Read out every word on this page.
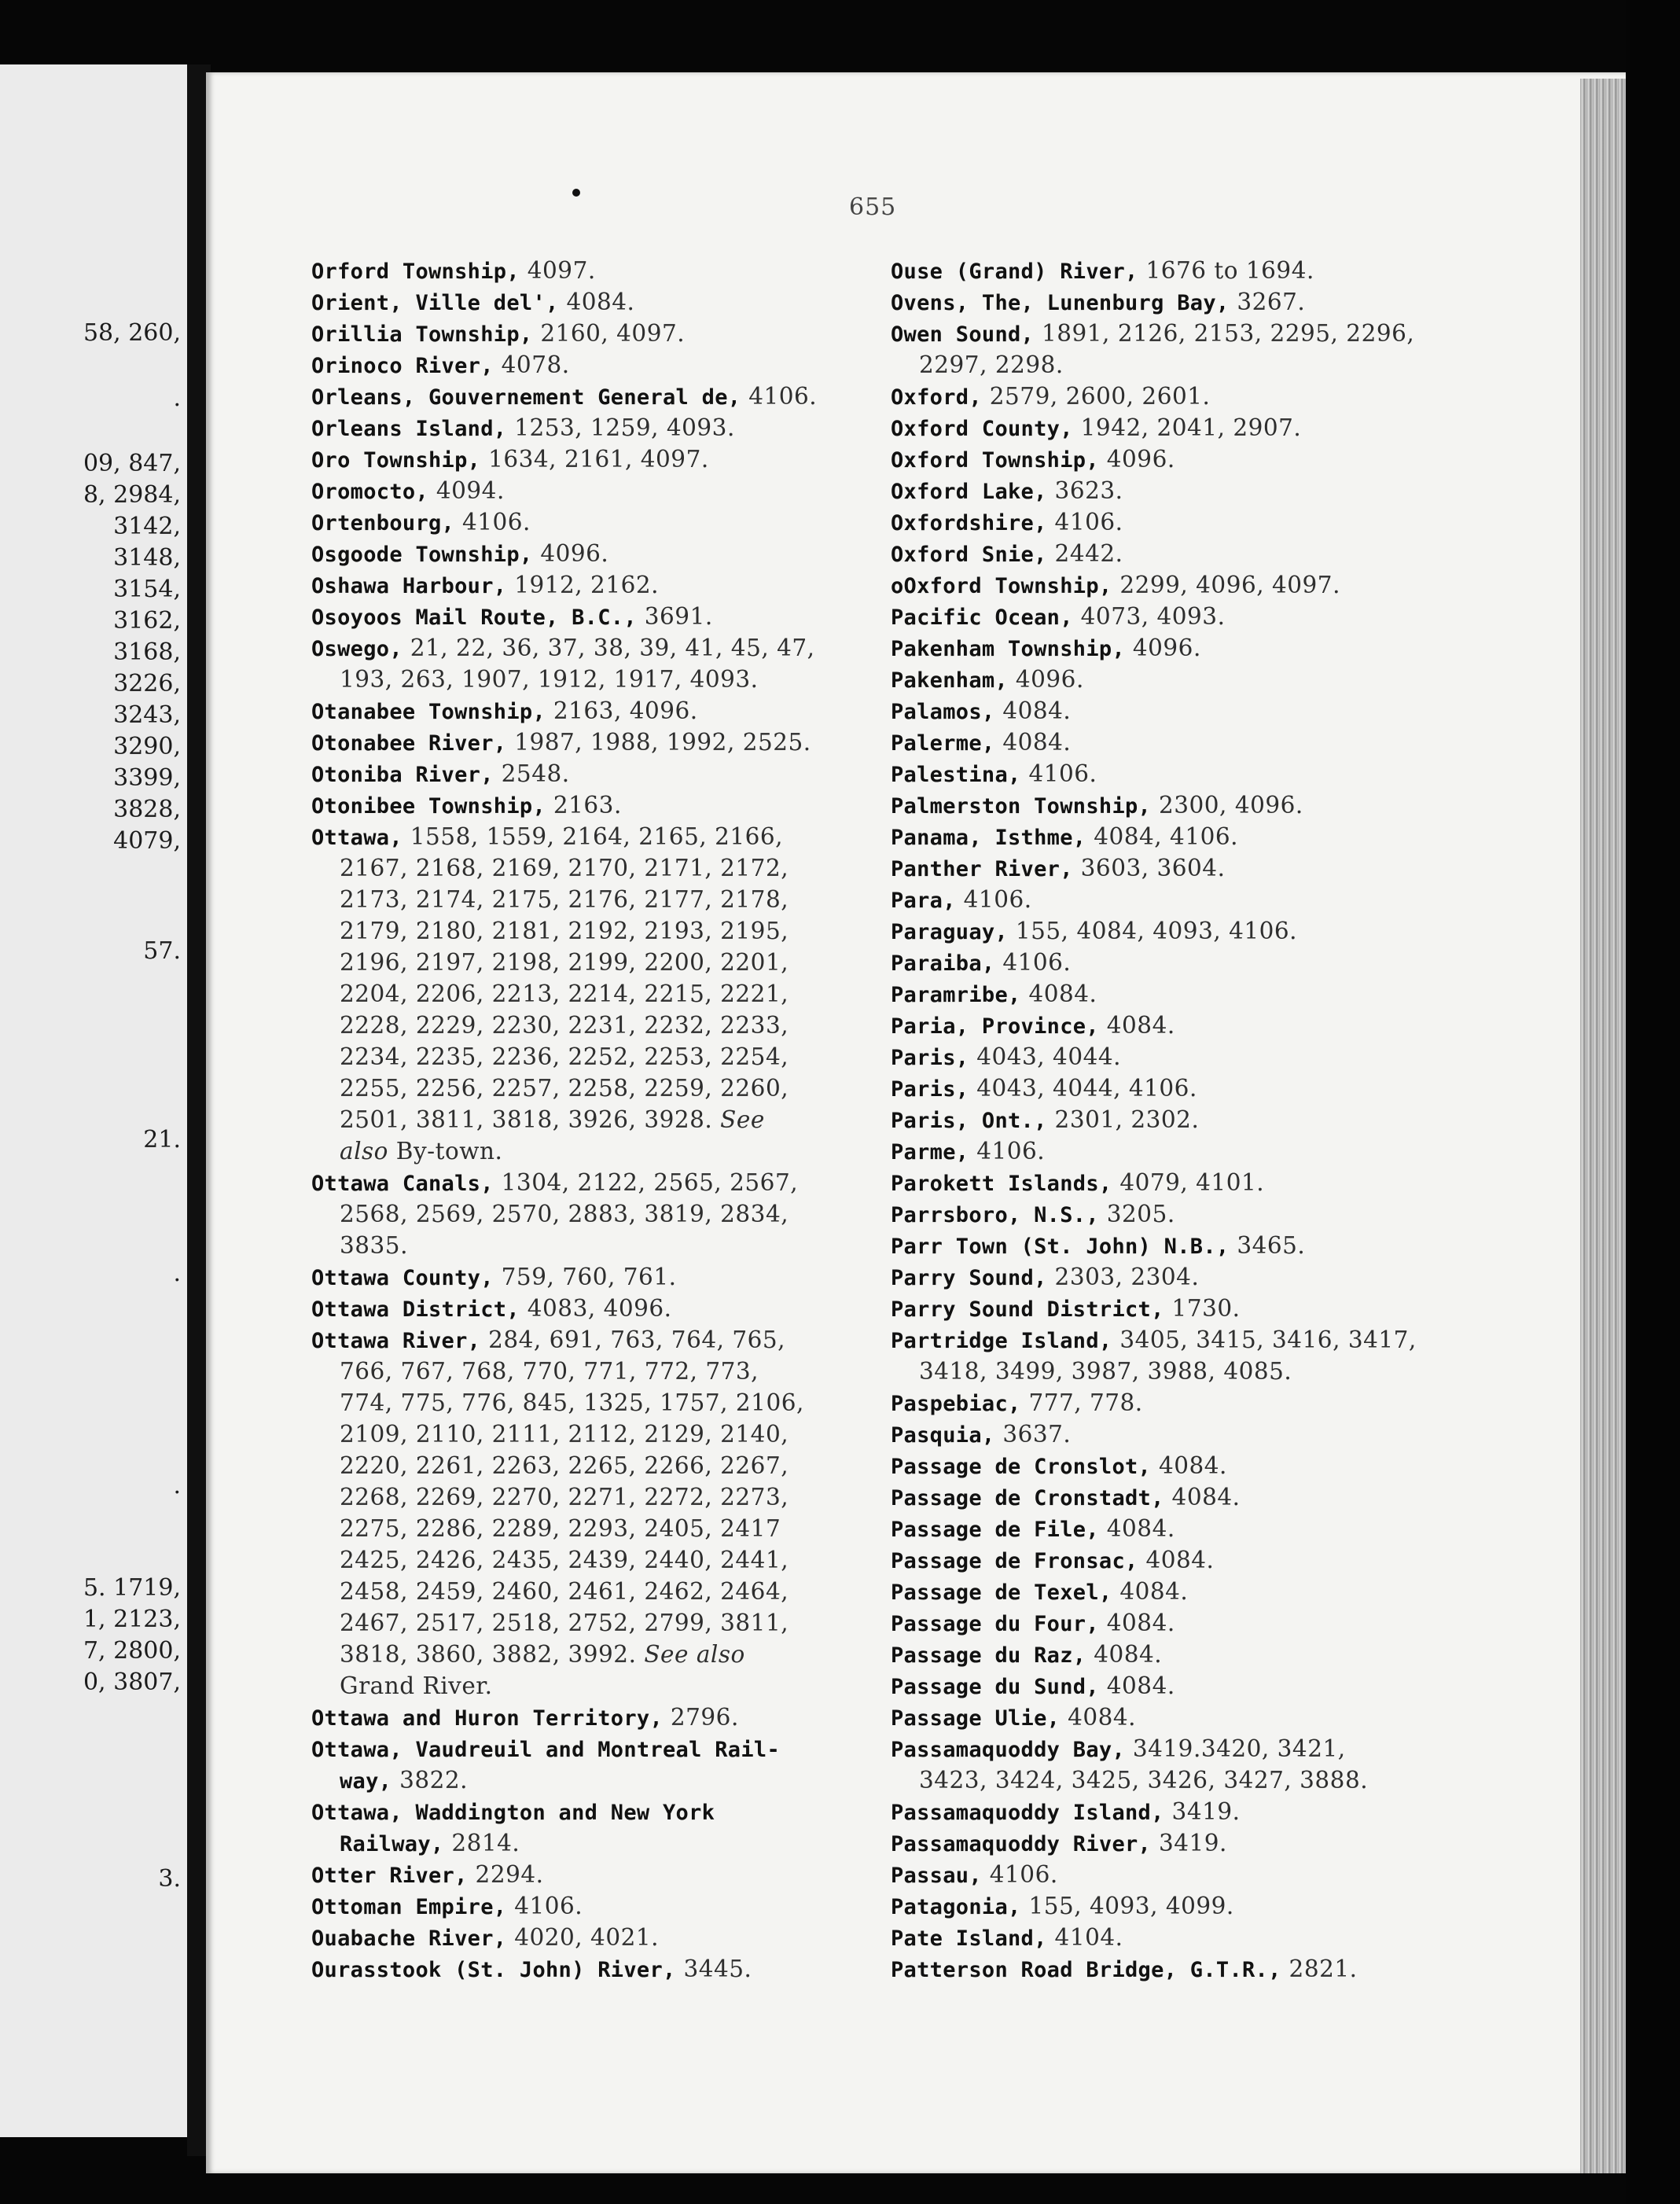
58, 260,
.
09, 847,
8, 2984,
3142,
3148,
3154,
3162,
3168,
3226,
3243,
3290,
3399,
3828,
4079,
57.
21.
.
.
5. 1719,
1, 2123,
7, 2800,
0, 3807,
3.
655
Orford Township, 4097.
Orient, Ville del', 4084.
Orillia Township, 2160, 4097.
Orinoco River, 4078.
Orleans, Gouvernement General de, 4106.
Orleans Island, 1253, 1259, 4093.
Oro Township, 1634, 2161, 4097.
Oromocto, 4094.
Ortenbourg, 4106.
Osgoode Township, 4096.
Oshawa Harbour, 1912, 2162.
Osoyoos Mail Route, B.C., 3691.
Oswego, 21, 22, 36, 37, 38, 39, 41, 45, 47,
193, 263, 1907, 1912, 1917, 4093.
Otanabee Township, 2163, 4096.
Otonabee River, 1987, 1988, 1992, 2525.
Otoniba River, 2548.
Otonibee Township, 2163.
Ottawa, 1558, 1559, 2164, 2165, 2166,
2167, 2168, 2169, 2170, 2171, 2172,
2173, 2174, 2175, 2176, 2177, 2178,
2179, 2180, 2181, 2192, 2193, 2195,
2196, 2197, 2198, 2199, 2200, 2201,
2204, 2206, 2213, 2214, 2215, 2221,
2228, 2229, 2230, 2231, 2232, 2233,
2234, 2235, 2236, 2252, 2253, 2254,
2255, 2256, 2257, 2258, 2259, 2260,
2501, 3811, 3818, 3926, 3928. See
also By-town.
Ottawa Canals, 1304, 2122, 2565, 2567,
2568, 2569, 2570, 2883, 3819, 2834,
3835.
Ottawa County, 759, 760, 761.
Ottawa District, 4083, 4096.
Ottawa River, 284, 691, 763, 764, 765,
766, 767, 768, 770, 771, 772, 773,
774, 775, 776, 845, 1325, 1757, 2106,
2109, 2110, 2111, 2112, 2129, 2140,
2220, 2261, 2263, 2265, 2266, 2267,
2268, 2269, 2270, 2271, 2272, 2273,
2275, 2286, 2289, 2293, 2405, 2417
2425, 2426, 2435, 2439, 2440, 2441,
2458, 2459, 2460, 2461, 2462, 2464,
2467, 2517, 2518, 2752, 2799, 3811,
3818, 3860, 3882, 3992. See also
Grand River.
Ottawa and Huron Territory, 2796.
Ottawa, Vaudreuil and Montreal Rail-
way, 3822.
Ottawa, Waddington and New York
Railway, 2814.
Otter River, 2294.
Ottoman Empire, 4106.
Ouabache River, 4020, 4021.
Ourasstook (St. John) River, 3445.
Ouse (Grand) River, 1676 to 1694.
Ovens, The, Lunenburg Bay, 3267.
Owen Sound, 1891, 2126, 2153, 2295, 2296,
2297, 2298.
Oxford, 2579, 2600, 2601.
Oxford County, 1942, 2041, 2907.
Oxford Township, 4096.
Oxford Lake, 3623.
Oxfordshire, 4106.
Oxford Snie, 2442.
oOxford Township, 2299, 4096, 4097.
Pacific Ocean, 4073, 4093.
Pakenham Township, 4096.
Pakenham, 4096.
Palamos, 4084.
Palerme, 4084.
Palestina, 4106.
Palmerston Township, 2300, 4096.
Panama, Isthme, 4084, 4106.
Panther River, 3603, 3604.
Para, 4106.
Paraguay, 155, 4084, 4093, 4106.
Paraiba, 4106.
Paramribe, 4084.
Paria, Province, 4084.
Paris, 4043, 4044.
Paris, 4043, 4044, 4106.
Paris, Ont., 2301, 2302.
Parme, 4106.
Parokett Islands, 4079, 4101.
Parrsboro, N.S., 3205.
Parr Town (St. John) N.B., 3465.
Parry Sound, 2303, 2304.
Parry Sound District, 1730.
Partridge Island, 3405, 3415, 3416, 3417,
3418, 3499, 3987, 3988, 4085.
Paspebiac, 777, 778.
Pasquia, 3637.
Passage de Cronslot, 4084.
Passage de Cronstadt, 4084.
Passage de File, 4084.
Passage de Fronsac, 4084.
Passage de Texel, 4084.
Passage du Four, 4084.
Passage du Raz, 4084.
Passage du Sund, 4084.
Passage Ulie, 4084.
Passamaquoddy Bay, 3419.3420, 3421,
3423, 3424, 3425, 3426, 3427, 3888.
Passamaquoddy Island, 3419.
Passamaquoddy River, 3419.
Passau, 4106.
Patagonia, 155, 4093, 4099.
Pate Island, 4104.
Patterson Road Bridge, G.T.R., 2821.
